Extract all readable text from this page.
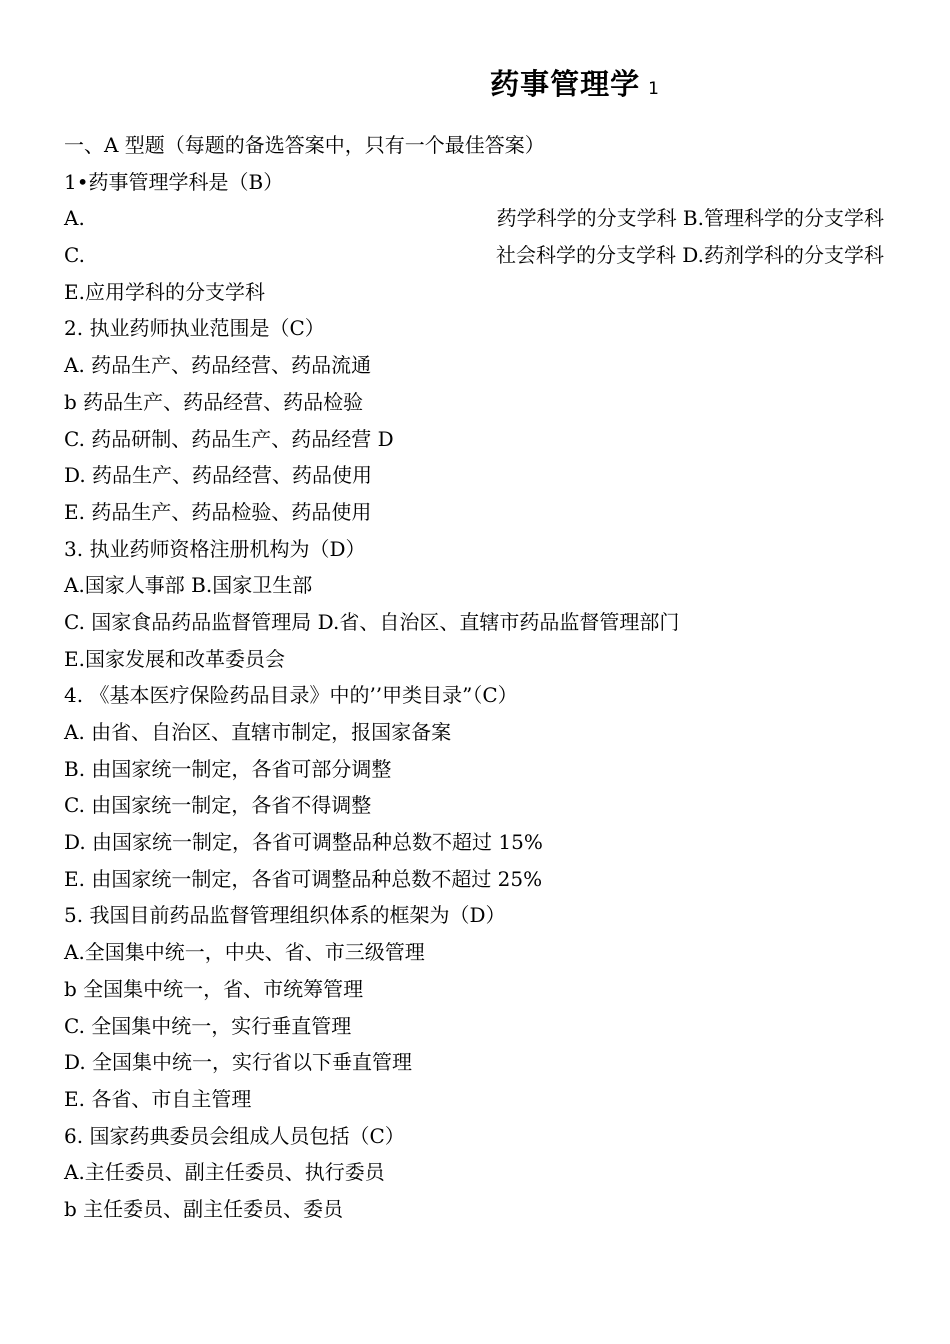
药事管理学 1
一、A 型题（每题的备选答案中，只有一个最佳答案）
1•药事管理学科是（B）
A.	药学科学的分支学科 B.管理科学的分支学科
C.	社会科学的分支学科 D.药剂学科的分支学科
E.应用学科的分支学科
2. 执业药师执业范围是（C）
A. 药品生产、药品经营、药品流通
b 药品生产、药品经营、药品检验
C. 药品研制、药品生产、药品经营 D
D. 药品生产、药品经营、药品使用
E. 药品生产、药品检验、药品使用
3. 执业药师资格注册机构为（D）
A.国家人事部 B.国家卫生部
C. 国家食品药品监督管理局 D.省、自治区、直辖市药品监督管理部门
E.国家发展和改革委员会
4. 《基本医疗保险药品目录》中的’’甲类目录”（C）
A. 由省、自治区、直辖市制定，报国家备案
B. 由国家统一制定，各省可部分调整
C. 由国家统一制定，各省不得调整
D. 由国家统一制定，各省可调整品种总数不超过 15%
E. 由国家统一制定，各省可调整品种总数不超过 25%
5. 我国目前药品监督管理组织体系的框架为（D）
A.全国集中统一，中央、省、市三级管理
b 全国集中统一，省、市统筹管理
C. 全国集中统一，实行垂直管理
D. 全国集中统一，实行省以下垂直管理
E. 各省、市自主管理
6. 国家药典委员会组成人员包括（C）
A.主任委员、副主任委员、执行委员
b 主任委员、副主任委员、委员
